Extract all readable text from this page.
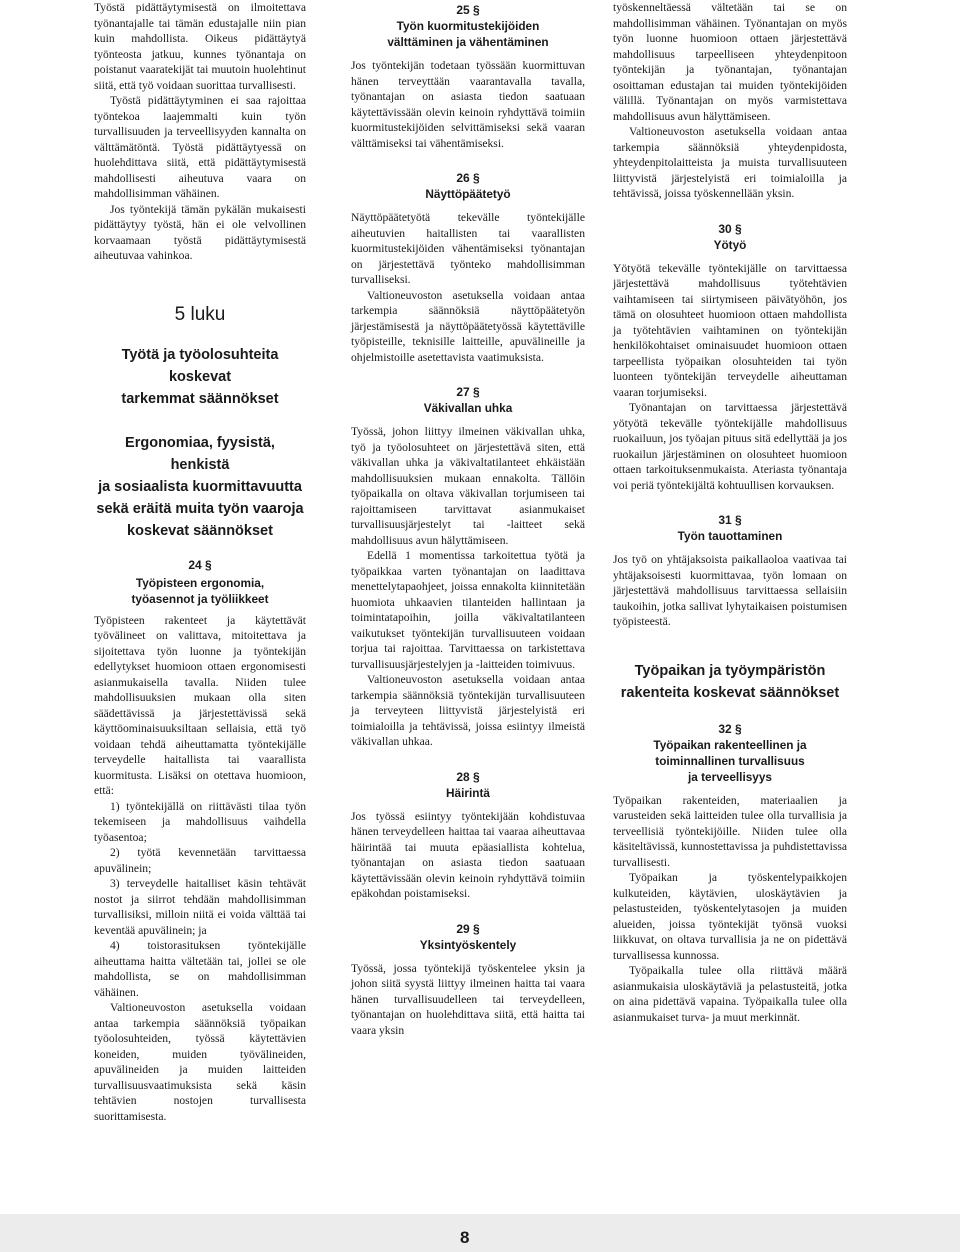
Työstä pidättäytymisestä on ilmoitettava työnantajalle tai tämän edustajalle niin pian kuin mahdollista. Oikeus pidättäytyä työnteosta jatkuu, kunnes työnantaja on poistanut vaaratekijät tai muutoin huolehtinut siitä, että työ voidaan suorittaa turvallisesti.

Työstä pidättäytyminen ei saa rajoittaa työntekoa laajemmalti kuin työn turvallisuuden ja terveellisyyden kannalta on välttämätöntä. Työstä pidättäytyessä on huolehdittava siitä, että pidättäytymisestä mahdollisesti aiheutuva vaara on mahdollisimman vähäinen.

Jos työntekijä tämän pykälän mukaisesti pidättäytyy työstä, hän ei ole velvollinen korvaamaan työstä pidättäytymisestä aiheutuvaa vahinkoa.

5 luku
Työtä ja työolosuhteita koskevat
tarkemmat säännökset
Ergonomiaa, fyysistä, henkistä
ja sosiaalista kuormittavuutta
sekä eräitä muita työn vaaroja
koskevat säännökset
24 §
Työpisteen ergonomia,
työasennot ja työliikkeet

Työpisteen rakenteet ja käytettävät työvälineet on valittava, mitoitettava ja sijoitettava työn luonne ja työntekijän edellytykset huomioon ottaen ergonomisesti asianmukaisella tavalla. Niiden tulee mahdollisuuksien mukaan olla siten säädettävissä ja järjestettävissä sekä käyttöominaisuuksiltaan sellaisia, että työ voidaan tehdä aiheuttamatta työntekijälle terveydelle haitallista tai vaarallista kuormitusta. Lisäksi on otettava huomioon, että:

1) työntekijällä on riittävästi tilaa työn tekemiseen ja mahdollisuus vaihdella työasentoa;

2) työtä kevennetään tarvittaessa apuvälinein;

3) terveydelle haitalliset käsin tehtävät nostot ja siirrot tehdään mahdollisimman turvallisiksi, milloin niitä ei voida välttää tai keventää apuvälinein; ja

4) toistorasituksen työntekijälle aiheuttama haitta vältetään tai, jollei se ole mahdollista, se on mahdollisimman vähäinen.

Valtioneuvoston asetuksella voidaan antaa tarkempia säännöksiä työpaikan työolosuhteiden, työssä käytettävien koneiden, muiden työvälineiden, apuvälineiden ja muiden laitteiden turvallisuusvaatimuksista sekä käsin tehtävien nostojen turvallisesta suorittamisesta.

25 §
Työn kuormitustekijöiden
välttäminen ja vähentäminen

Jos työntekijän todetaan työssään kuormittuvan hänen terveyttään vaarantavalla tavalla, työnantajan on asiasta tiedon saatuaan käytettävissään olevin keinoin ryhdyttävä toimiin kuormitustekijöiden selvittämiseksi sekä vaaran välttämiseksi tai vähentämiseksi.

26 §
Näyttöpäätetyö

Näyttöpäätetyötä tekevälle työntekijälle aiheutuvien haitallisten tai vaarallisten kuormitustekijöiden vähentämiseksi työnantajan on järjestettävä työnteko mahdollisimman turvalliseksi.

Valtioneuvoston asetuksella voidaan antaa tarkempia säännöksiä näyttöpäätetyön järjestämisestä ja näyttöpäätetyössä käytettäville työpisteille, teknisille laitteille, apuvälineille ja ohjelmistoille asetettavista vaatimuksista.

27 §
Väkivallan uhka

Työssä, johon liittyy ilmeinen väkivallan uhka, työ ja työolosuhteet on järjestettävä siten, että väkivallan uhka ja väkivaltatilanteet ehkäistään mahdollisuuksien mukaan ennakolta. Tällöin työpaikalla on oltava väkivallan torjumiseen tai rajoittamiseen tarvittavat asianmukaiset turvallisuusjärjestelyt tai -laitteet sekä mahdollisuus avun hälyttämiseen.

Edellä 1 momentissa tarkoitettua työtä ja työpaikkaa varten työnantajan on laadittava menettelytapaohjeet, joissa ennakolta kiinnitetään huomiota uhkaavien tilanteiden hallintaan ja toimintatapoihin, joilla väkivaltatilanteen vaikutukset työntekijän turvallisuuteen voidaan torjua tai rajoittaa. Tarvittaessa on tarkistettava turvallisuusjärjestelyjen ja -laitteiden toimivuus.

Valtioneuvoston asetuksella voidaan antaa tarkempia säännöksiä työntekijän turvallisuuteen ja terveyteen liittyvistä järjestelyistä eri toimialoilla ja tehtävissä, joissa esiintyy ilmeistä väkivallan uhkaa.

28 §
Häirintä

Jos työssä esiintyy työntekijään kohdistuvaa hänen terveydelleen haittaa tai vaaraa aiheuttavaa häirintää tai muuta epäasiallista kohtelua, työnantajan on asiasta tiedon saatuaan käytettävissään olevin keinoin ryhdyttävä toimiin epäkohdan poistamiseksi.

29 §
Yksintyöskentely

Työssä, jossa työntekijä työskentelee yksin ja johon siitä syystä liittyy ilmeinen haitta tai vaara hänen turvallisuudelleen tai terveydelleen, työnantajan on huolehdittava siitä, että haitta tai vaara yksin

työskenneltäessä vältetään tai se on mahdollisimman vähäinen. Työnantajan on myös työn luonne huomioon ottaen järjestettävä mahdollisuus tarpeelliseen yhteydenpitoon työntekijän ja työnantajan, työnantajan osoittaman edustajan tai muiden työntekijöiden välillä. Työnantajan on myös varmistettava mahdollisuus avun hälyttämiseen.

Valtioneuvoston asetuksella voidaan antaa tarkempia säännöksiä yhteydenpidosta, yhteydenpitolaitteista ja muista turvallisuuteen liittyvistä järjestelyistä eri toimialoilla ja tehtävissä, joissa työskennellään yksin.

30 §
Yötyö

Yötyötä tekevälle työntekijälle on tarvittaessa järjestettävä mahdollisuus työtehtävien vaihtamiseen tai siirtymiseen päivätyöhön, jos tämä on olosuhteet huomioon ottaen mahdollista ja työtehtävien vaihtaminen on työntekijän henkilökohtaiset ominaisuudet huomioon ottaen tarpeellista työpaikan olosuhteiden tai työn luonteen työntekijän terveydelle aiheuttaman vaaran torjumiseksi.

Työnantajan on tarvittaessa järjestettävä yötyötä tekevälle työntekijälle mahdollisuus ruokailuun, jos työajan pituus sitä edellyttää ja jos ruokailun järjestäminen on olosuhteet huomioon ottaen tarkoituksenmukaista. Ateriasta työnantaja voi periä työntekijältä kohtuullisen korvauksen.

31 §
Työn tauottaminen

Jos työ on yhtäjaksoista paikallaoloa vaativaa tai yhtäjaksoisesti kuormittavaa, työn lomaan on järjestettävä mahdollisuus tarvittaessa sellaisiin taukoihin, jotka sallivat lyhytaikaisen poistumisen työpisteestä.

Työpaikan ja työympäristön
rakenteita koskevat säännökset
32 §
Työpaikan rakenteellinen ja
toiminnallinen turvallisuus
ja terveellisyys

Työpaikan rakenteiden, materiaalien ja varusteiden sekä laitteiden tulee olla turvallisia ja terveellisiä työntekijöille. Niiden tulee olla käsiteltävissä, kunnostettavissa ja puhdistettavissa turvallisesti.

Työpaikan ja työskentelypaikkojen kulkuteiden, käytävien, uloskäytävien ja pelastusteiden, työskentelytasojen ja muiden alueiden, joissa työntekijät työnsä vuoksi liikkuvat, on oltava turvallisia ja ne on pidettävä turvallisessa kunnossa.

Työpaikalla tulee olla riittävä määrä asianmukaisia uloskäytäviä ja pelastusteitä, jotka on aina pidettävä vapaina. Työpaikalla tulee olla asianmukaiset turva- ja muut merkinnät.

8
